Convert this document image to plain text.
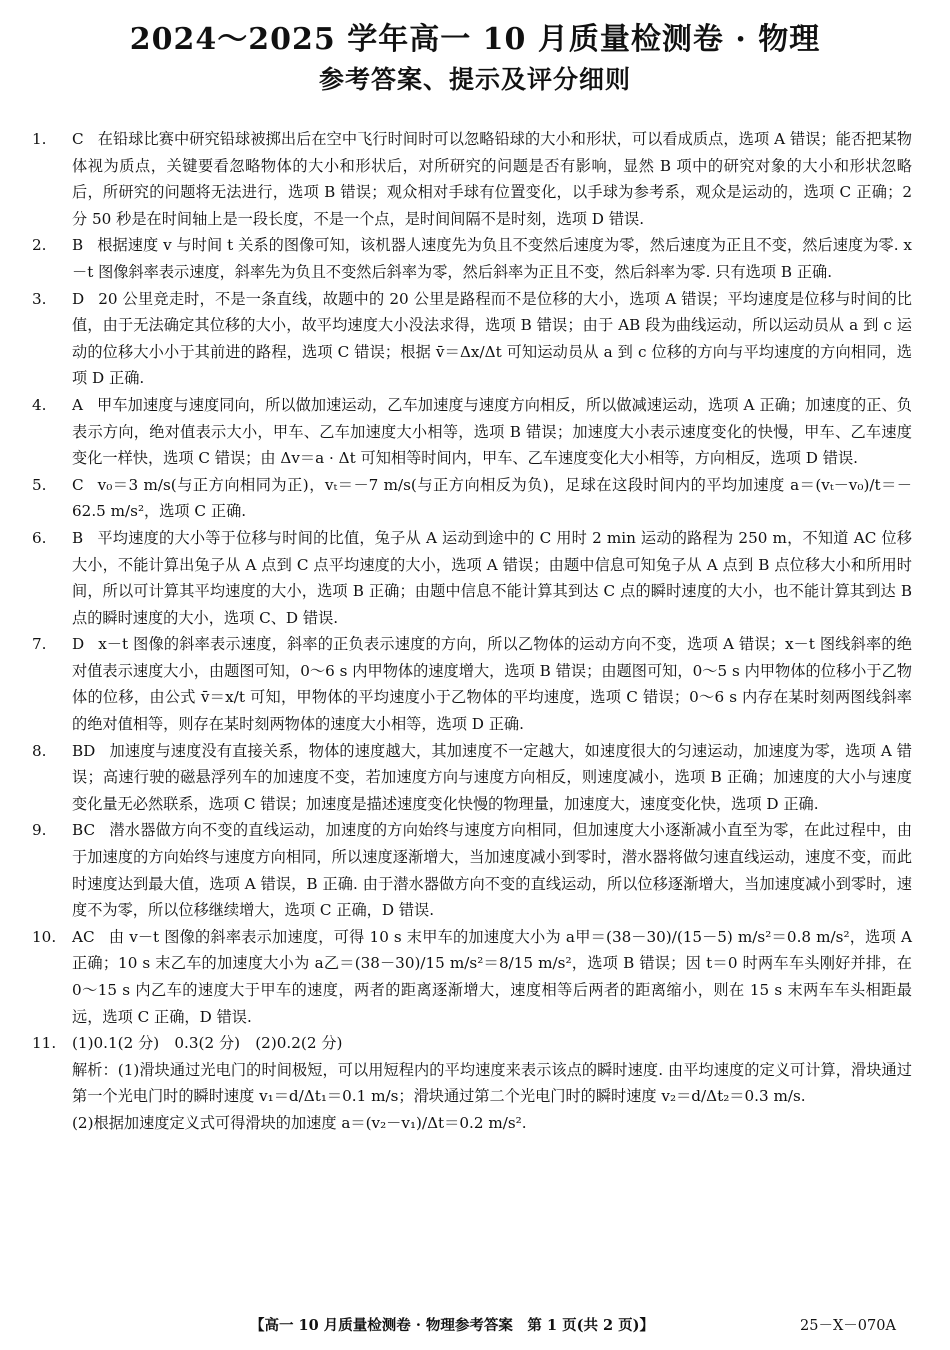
2024～2025 学年高一 10 月质量检测卷 · 物理
参考答案、提示及评分细则

1. C 在铅球比赛中研究铅球被掷出后在空中飞行时间时可以忽略铅球的大小和形状，可以看成质点，选项 A 错误；能否把某物体视为质点，关键要看忽略物体的大小和形状后，对所研究的问题是否有影响，显然 B 项中的研究对象的大小和形状忽略后，所研究的问题将无法进行，选项 B 错误；观众相对手球有位置变化，以手球为参考系，观众是运动的，选项 C 正确；2 分 50 秒是在时间轴上是一段长度，不是一个点，是时间间隔不是时刻，选项 D 错误.

2. B 根据速度 v 与时间 t 关系的图像可知，该机器人速度先为负且不变然后速度为零，然后速度为正且不变，然后速度为零. x－t 图像斜率表示速度，斜率先为负且不变然后斜率为零，然后斜率为正且不变，然后斜率为零. 只有选项 B 正确.

3. D 20 公里竞走时，不是一条直线，故题中的 20 公里是路程而不是位移的大小，选项 A 错误；平均速度是位移与时间的比值，由于无法确定其位移的大小，故平均速度大小没法求得，选项 B 错误；由于 AB 段为曲线运动，所以运动员从 a 到 c 运动的位移大小小于其前进的路程，选项 C 错误；根据 v̄＝Δx/Δt 可知运动员从 a 到 c 位移的方向与平均速度的方向相同，选项 D 正确.

4. A 甲车加速度与速度同向，所以做加速运动，乙车加速度与速度方向相反，所以做减速运动，选项 A 正确；加速度的正、负表示方向，绝对值表示大小，甲车、乙车加速度大小相等，选项 B 错误；加速度大小表示速度变化的快慢，甲车、乙车速度变化一样快，选项 C 错误；由 Δv＝a · Δt 可知相等时间内，甲车、乙车速度变化大小相等，方向相反，选项 D 错误.

5. C v₀＝3 m/s(与正方向相同为正)，vₜ＝－7 m/s(与正方向相反为负)，足球在这段时间内的平均加速度 a＝(vₜ－v₀)/t＝－62.5 m/s²，选项 C 正确.

6. B 平均速度的大小等于位移与时间的比值，兔子从 A 运动到途中的 C 用时 2 min 运动的路程为 250 m，不知道 AC 位移大小，不能计算出兔子从 A 点到 C 点平均速度的大小，选项 A 错误；由题中信息可知兔子从 A 点到 B 点位移大小和所用时间，所以可计算其平均速度的大小，选项 B 正确；由题中信息不能计算其到达 C 点的瞬时速度的大小，也不能计算其到达 B 点的瞬时速度的大小，选项 C、D 错误.

7. D x－t 图像的斜率表示速度，斜率的正负表示速度的方向，所以乙物体的运动方向不变，选项 A 错误；x－t 图线斜率的绝对值表示速度大小，由题图可知，0～6 s 内甲物体的速度增大，选项 B 错误；由题图可知，0～5 s 内甲物体的位移小于乙物体的位移，由公式 v̄＝x/t 可知，甲物体的平均速度小于乙物体的平均速度，选项 C 错误；0～6 s 内存在某时刻两图线斜率的绝对值相等，则存在某时刻两物体的速度大小相等，选项 D 正确.

8. BD 加速度与速度没有直接关系，物体的速度越大，其加速度不一定越大，如速度很大的匀速运动，加速度为零，选项 A 错误；高速行驶的磁悬浮列车的加速度不变，若加速度方向与速度方向相反，则速度减小，选项 B 正确；加速度的大小与速度变化量无必然联系，选项 C 错误；加速度是描述速度变化快慢的物理量，加速度大，速度变化快，选项 D 正确.

9. BC 潜水器做方向不变的直线运动，加速度的方向始终与速度方向相同，但加速度大小逐渐减小直至为零，在此过程中，由于加速度的方向始终与速度方向相同，所以速度逐渐增大，当加速度减小到零时，潜水器将做匀速直线运动，速度不变，而此时速度达到最大值，选项 A 错误，B 正确. 由于潜水器做方向不变的直线运动，所以位移逐渐增大，当加速度减小到零时，速度不为零，所以位移继续增大，选项 C 正确，D 错误.

10. AC 由 v－t 图像的斜率表示加速度，可得 10 s 末甲车的加速度大小为 a甲＝(38－30)/(15－5) m/s²＝0.8 m/s²，选项 A 正确；10 s 末乙车的加速度大小为 a乙＝(38－30)/15 m/s²＝8/15 m/s²，选项 B 错误；因 t＝0 时两车车头刚好并排，在 0～15 s 内乙车的速度大于甲车的速度，两者的距离逐渐增大，速度相等后两者的距离缩小，则在 15 s 末两车车头相距最远，选项 C 正确，D 错误.

11. (1)0.1(2 分)　0.3(2 分)　(2)0.2(2 分)

解析：(1)滑块通过光电门的时间极短，可以用短程内的平均速度来表示该点的瞬时速度. 由平均速度的定义可计算，滑块通过第一个光电门时的瞬时速度 v₁＝d/Δt₁＝0.1 m/s；滑块通过第二个光电门时的瞬时速度 v₂＝d/Δt₂＝0.3 m/s.

(2)根据加速度定义式可得滑块的加速度 a＝(v₂－v₁)/Δt＝0.2 m/s².

【高一 10 月质量检测卷 · 物理参考答案　第 1 页(共 2 页)】	25－X－070A
